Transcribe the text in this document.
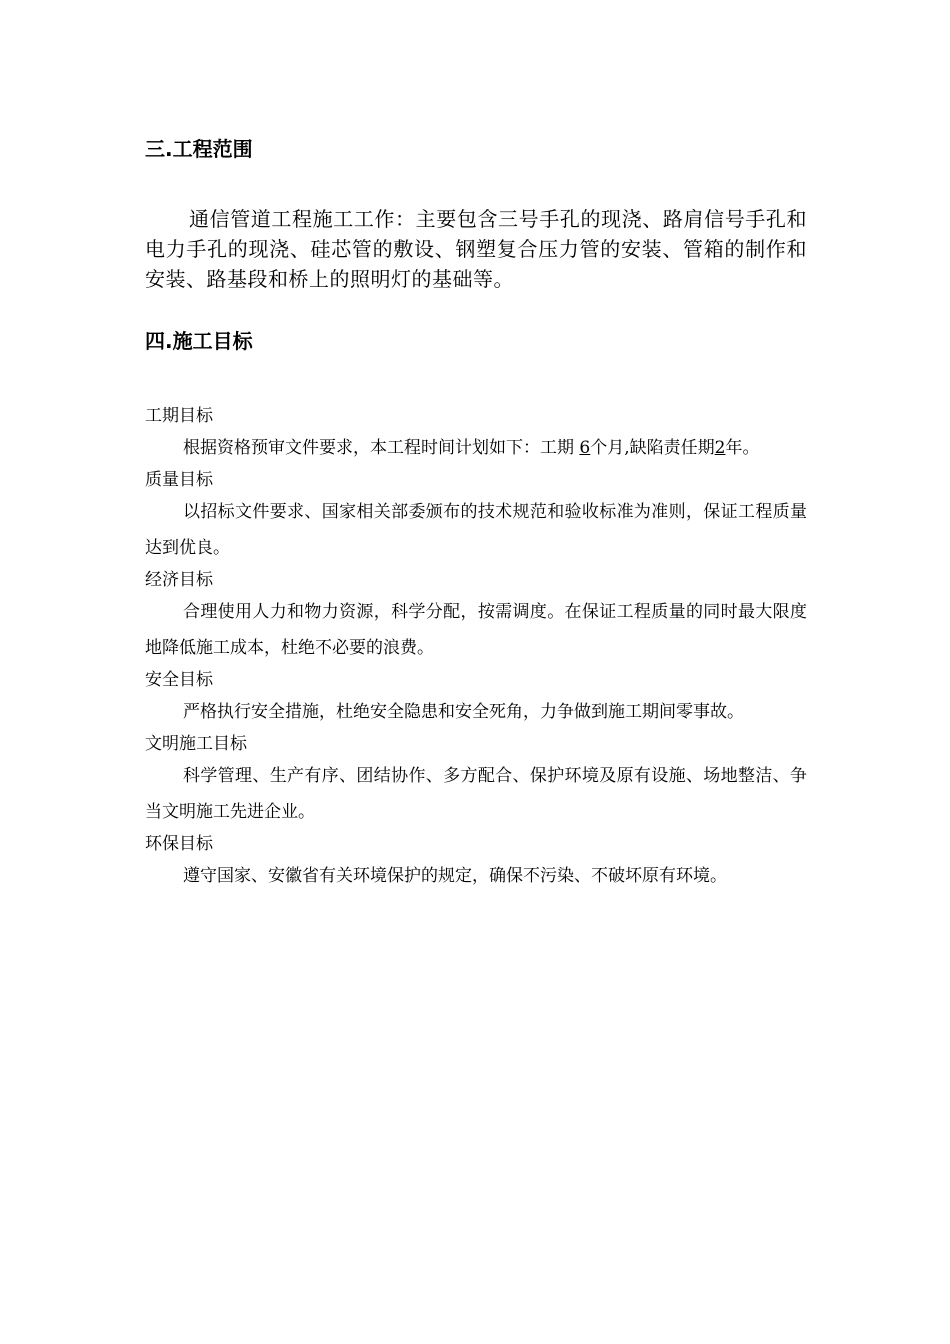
三.工程范围

通信管道工程施工工作：主要包含三号手孔的现浇、路肩信号手孔和电力手孔的现浇、硅芯管的敷设、钢塑复合压力管的安装、管箱的制作和安装、路基段和桥上的照明灯的基础等。

四.施工目标
工期目标

根据资格预审文件要求，本工程时间计划如下：工期 6个月,缺陷责任期2年。

质量目标

以招标文件要求、国家相关部委颁布的技术规范和验收标准为准则，保证工程质量达到优良。

经济目标

合理使用人力和物力资源，科学分配，按需调度。在保证工程质量的同时最大限度地降低施工成本，杜绝不必要的浪费。

安全目标

严格执行安全措施，杜绝安全隐患和安全死角，力争做到施工期间零事故。

文明施工目标

科学管理、生产有序、团结协作、多方配合、保护环境及原有设施、场地整洁、争当文明施工先进企业。

环保目标

遵守国家、安徽省有关环境保护的规定，确保不污染、不破坏原有环境。
